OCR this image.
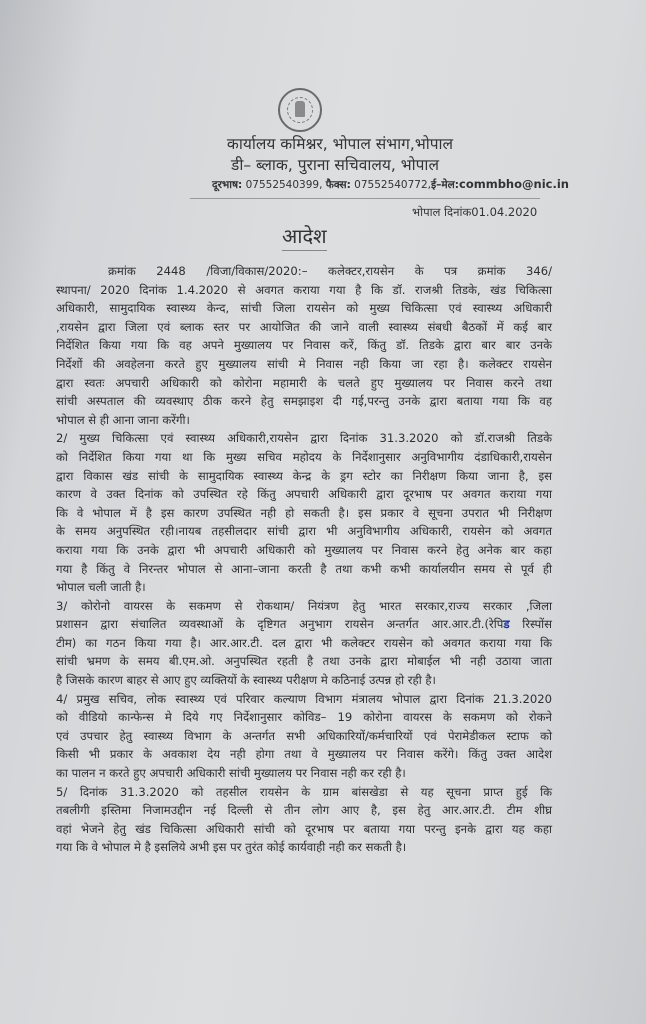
कार्यालय कमिश्नर, भोपाल संभाग,भोपाल
डी– ब्लाक, पुराना सचिवालय, भोपाल
दूरभाष: 07552540399, फैक्स: 07552540772,ई–मेल:commbho@nic.in
भोपाल दिनांक01.04.2020
आदेश
क्रमांक 2448 /विजा/विकास/2020:– कलेक्टर,रायसेन के पत्र क्रमांक 346/
स्थापना/ 2020 दिनांक 1.4.2020 से अवगत कराया गया है कि डॉ. राजश्री तिडके, खंड चिकित्सा
अधिकारी, सामुदायिक स्वास्थ्य केन्द, सांची जिला रायसेन को मुख्य चिकित्सा एवं स्वास्थ्य अधिकारी
,रायसेन द्वारा जिला एवं ब्लाक स्तर पर आयोजित की जाने वाली स्वास्थ्य संबधी बैठकों में कई बार
निर्देशित किया गया कि वह अपने मुख्यालय पर निवास करें, किंतु डॉ. तिडके द्वारा बार बार उनके
निर्देशों की अवहेलना करते हुए मुख्यालय सांची मे निवास नही किया जा रहा है। कलेक्टर रायसेन
द्वारा स्वतः अपचारी अधिकारी को कोरोना महामारी के चलते हुए मुख्यालय पर निवास करने तथा
सांची अस्पताल की व्यवस्थाए ठीक करने हेतु समझाइश दी गई,परन्तु उनके द्वारा बताया गया कि वह
भोपाल से ही आना जाना करेंगी।
2/ मुख्य चिकित्सा एवं स्वास्थ्य अधिकारी,रायसेन द्वारा दिनांक 31.3.2020 को डॉ.राजश्री तिडके
को निर्देशित किया गया था कि मुख्य सचिव महोदय के निर्देशानुसार अनुविभागीय दंडाधिकारी,रायसेन
द्वारा विकास खंड सांची के सामुदायिक स्वास्थ्य केन्द्र के ड्रग स्टोर का निरीक्षण किया जाना है, इस
कारण वे उक्त दिनांक को उपस्थित रहे किंतु अपचारी अधिकारी द्वारा दूरभाष पर अवगत कराया गया
कि वे भोपाल में है इस कारण उपस्थित नही हो सकती है। इस प्रकार वे सूचना उपरात भी निरीक्षण
के समय अनुपस्थित रही।नायब तहसीलदार सांची द्वारा भी अनुविभागीय अधिकारी, रायसेन को अवगत
कराया गया कि उनके द्वारा भी अपचारी अधिकारी को मुख्यालय पर निवास करने हेतु अनेक बार कहा
गया है किंतु वे निरन्तर भोपाल से आना–जाना करती है तथा कभी कभी कार्यालयीन समय से पूर्व ही
भोपाल चली जाती है।
3/ कोरोनो वायरस के सकमण से रोकथाम/ नियंत्रण हेतु भारत सरकार,राज्य सरकार ,जिला
प्रशासन द्वारा संचालित व्यवस्थाओं के दृष्टिगत अनुभाग रायसेन अन्तर्गत आर.आर.टी.(रेपिड रिस्पोंस
टीम) का गठन किया गया है। आर.आर.टी. दल द्वारा भी कलेक्टर रायसेन को अवगत कराया गया कि
सांची भ्रमण के समय बी.एम.ओ. अनुपस्थित रहती है तथा उनके द्वारा मोबाईल भी नही उठाया जाता
है जिसके कारण बाहर से आए हुए व्यक्तियों के स्वास्थ्य परीक्षण मे कठिनाई उत्पन्न हो रही है।
4/ प्रमुख सचिव, लोक स्वास्थ्य एवं परिवार कल्याण विभाग मंत्रालय भोपाल द्वारा दिनांक 21.3.2020
को वीडियो कान्फेन्स मे दिये गए निर्देशानुसार कोविड– 19 कोरोना वायरस के सकमण को रोकने
एवं उपचार हेतु स्वास्थ्य विभाग के अन्तर्गत सभी अधिकारियों/कर्मचारियों एवं पेरामेडीकल स्टाफ को
किसी भी प्रकार के अवकाश देय नही होगा तथा वे मुख्यालय पर निवास करेंगे। किंतु उक्त आदेश
का पालन न करते हुए अपचारी अधिकारी सांची मुख्यालय पर निवास नही कर रही है।
5/ दिनांक 31.3.2020 को तहसील रायसेन के ग्राम बांसखेडा से यह सूचना प्राप्त हुई कि
तबलीगी इस्तिमा निजामउद्दीन नई दिल्ली से तीन लोग आए है, इस हेतु आर.आर.टी. टीम शीघ्र
वहां भेजने हेतु खंड चिकित्सा अधिकारी सांची को दूरभाष पर बताया गया परन्तु इनके द्वारा यह कहा
गया कि वे भोपाल मे है इसलिये अभी इस पर तुरंत कोई कार्यवाही नही कर सकती है।
